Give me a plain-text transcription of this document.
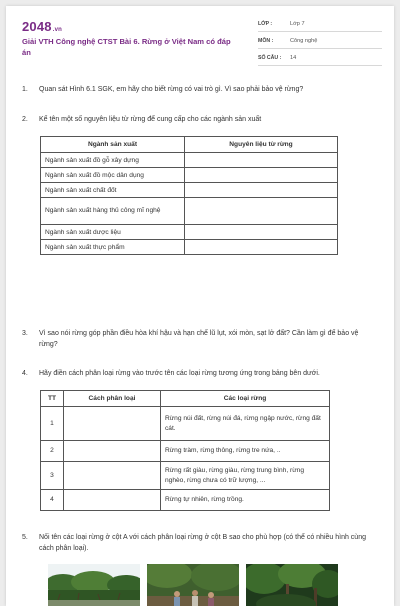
2048.vn
Giải VTH Công nghệ CTST Bài 6. Rừng ở Việt Nam có đáp án
LỚP :	Lớp 7
MÔN :	Công nghệ
SỐ CÂU : 14
1. Quan sát Hình 6.1 SGK, em hãy cho biết rừng có vai trò gì. Vì sao phải bảo vệ rừng?
2. Kể tên một số nguyên liệu từ rừng để cung cấp cho các ngành sản xuất
Ngành sản xuất	Nguyên liệu từ rừng
Ngành sản xuất đồ gỗ xây dựng	
Ngành sản xuất đồ mộc dân dụng	
Ngành sản xuất chất đốt	
Ngành sản xuất hàng thủ công mĩ nghệ	
Ngành sản xuất dược liệu	
Ngành sản xuất thực phẩm	
3. Vì sao nói rừng góp phần điều hòa khí hậu và hạn chế lũ lụt, xói mòn, sạt lở đất? Cần làm gì để bảo vệ rừng?
4. Hãy điền cách phân loại rừng vào trước tên các loại rừng tương ứng trong bảng bên dưới.
TT	Cách phân loại	Các loại rừng
1		Rừng núi đất, rừng núi đá, rừng ngập nước, rừng đất cát.
2		Rừng tràm, rừng thông, rừng tre nứa, ..
3		Rừng rất giàu, rừng giàu, rừng trung bình, rừng nghèo, rừng chưa có trữ lượng, ...
4		Rừng tự nhiên, rừng trồng.
5. Nối tên các loại rừng ở cột A với cách phân loại rừng ở cột B sao cho phù hợp (có thể có nhiều hình cùng cách phân loại).
